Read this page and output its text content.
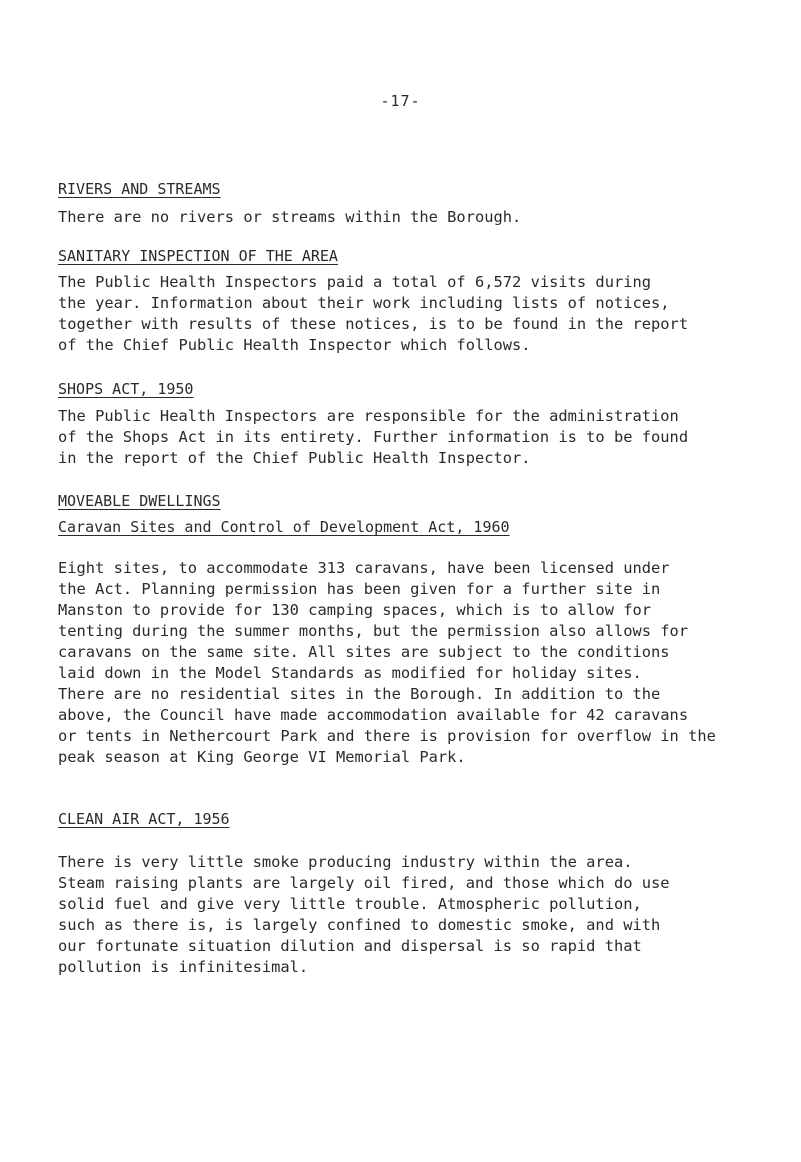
-17-
RIVERS AND STREAMS
There are no rivers or streams within the Borough.
SANITARY INSPECTION OF THE AREA
The Public Health Inspectors paid a total of 6,572 visits during
the year. Information about their work including lists of notices,
together with results of these notices, is to be found in the report
of the Chief Public Health Inspector which follows.
SHOPS ACT, 1950
The Public Health Inspectors are responsible for the administration
of the Shops Act in its entirety. Further information is to be found
in the report of the Chief Public Health Inspector.
MOVEABLE DWELLINGS
Caravan Sites and Control of Development Act, 1960
Eight sites, to accommodate 313 caravans, have been licensed under
the Act. Planning permission has been given for a further site in
Manston to provide for 130 camping spaces, which is to allow for
tenting during the summer months, but the permission also allows for
caravans on the same site. All sites are subject to the conditions
laid down in the Model Standards as modified for holiday sites.
There are no residential sites in the Borough. In addition to the
above, the Council have made accommodation available for 42 caravans
or tents in Nethercourt Park and there is provision for overflow in the
peak season at King George VI Memorial Park.
CLEAN AIR ACT, 1956
There is very little smoke producing industry within the area.
Steam raising plants are largely oil fired, and those which do use
solid fuel and give very little trouble. Atmospheric pollution,
such as there is, is largely confined to domestic smoke, and with
our fortunate situation dilution and dispersal is so rapid that
pollution is infinitesimal.
